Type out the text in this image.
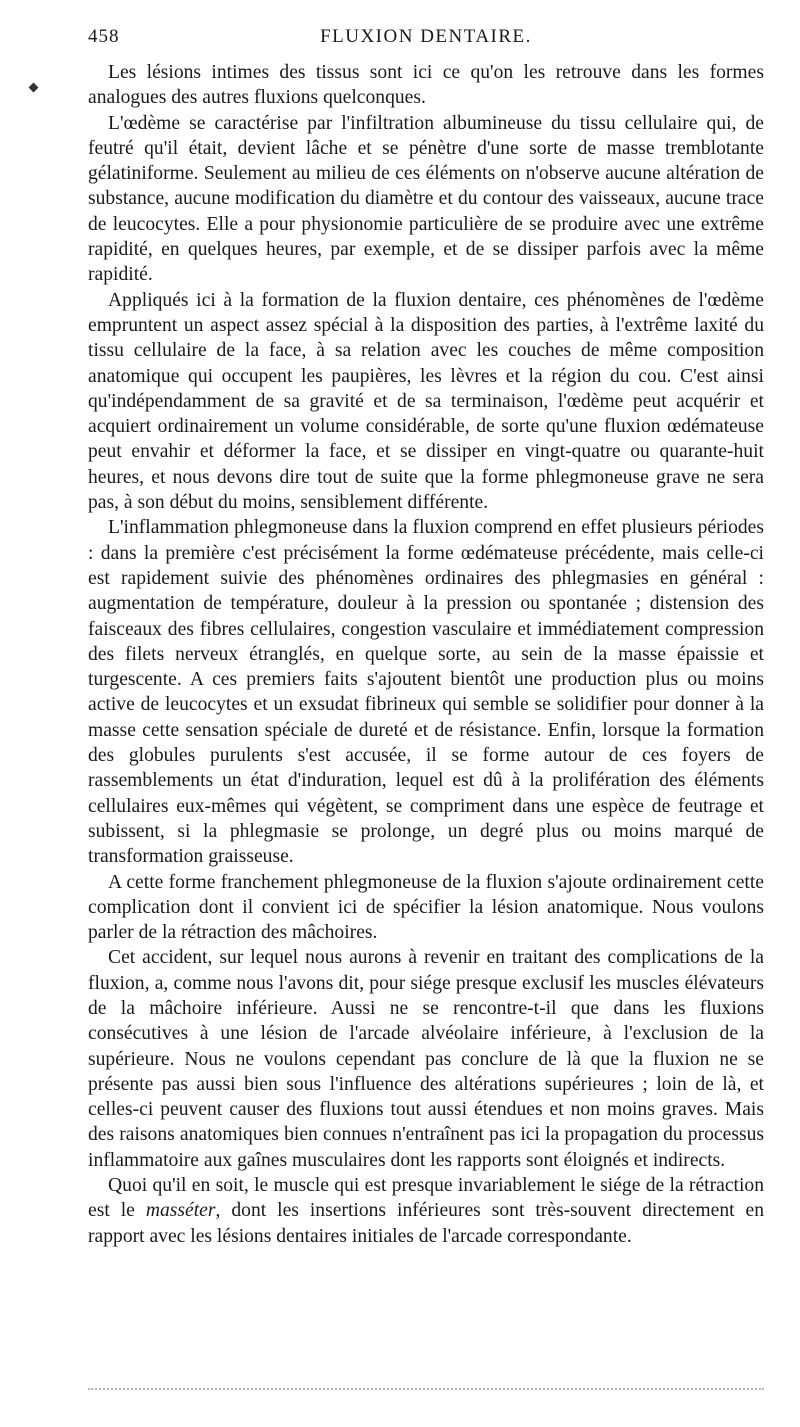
458	FLUXION DENTAIRE.

Les lésions intimes des tissus sont ici ce qu'on les retrouve dans les formes analogues des autres fluxions quelconques.

L'œdème se caractérise par l'infiltration albumineuse du tissu cellulaire qui, de feutré qu'il était, devient lâche et se pénètre d'une sorte de masse tremblotante gélatiniforme. Seulement au milieu de ces éléments on n'observe aucune altération de substance, aucune modification du diamètre et du contour des vaisseaux, aucune trace de leucocytes. Elle a pour physionomie particulière de se produire avec une extrême rapidité, en quelques heures, par exemple, et de se dissiper parfois avec la même rapidité.

Appliqués ici à la formation de la fluxion dentaire, ces phénomènes de l'œdème empruntent un aspect assez spécial à la disposition des parties, à l'extrême laxité du tissu cellulaire de la face, à sa relation avec les couches de même composition anatomique qui occupent les paupières, les lèvres et la région du cou. C'est ainsi qu'indépendamment de sa gravité et de sa terminaison, l'œdème peut acquérir et acquiert ordinairement un volume considérable, de sorte qu'une fluxion œdémateuse peut envahir et déformer la face, et se dissiper en vingt-quatre ou quarante-huit heures, et nous devons dire tout de suite que la forme phlegmoneuse grave ne sera pas, à son début du moins, sensiblement différente.

L'inflammation phlegmoneuse dans la fluxion comprend en effet plusieurs périodes : dans la première c'est précisément la forme œdémateuse précédente, mais celle-ci est rapidement suivie des phénomènes ordinaires des phlegmasies en général : augmentation de température, douleur à la pression ou spontanée ; distension des faisceaux des fibres cellulaires, congestion vasculaire et immédiatement compression des filets nerveux étranglés, en quelque sorte, au sein de la masse épaissie et turgescente. A ces premiers faits s'ajoutent bientôt une production plus ou moins active de leucocytes et un exsudat fibrineux qui semble se solidifier pour donner à la masse cette sensation spéciale de dureté et de résistance. Enfin, lorsque la formation des globules purulents s'est accusée, il se forme autour de ces foyers de rassemblements un état d'induration, lequel est dû à la prolifération des éléments cellulaires eux-mêmes qui végètent, se compriment dans une espèce de feutrage et subissent, si la phlegmasie se prolonge, un degré plus ou moins marqué de transformation graisseuse.

A cette forme franchement phlegmoneuse de la fluxion s'ajoute ordinairement cette complication dont il convient ici de spécifier la lésion anatomique. Nous voulons parler de la rétraction des mâchoires.

Cet accident, sur lequel nous aurons à revenir en traitant des complications de la fluxion, a, comme nous l'avons dit, pour siége presque exclusif les muscles élévateurs de la mâchoire inférieure. Aussi ne se rencontre-t-il que dans les fluxions consécutives à une lésion de l'arcade alvéolaire inférieure, à l'exclusion de la supérieure. Nous ne voulons cependant pas conclure de là que la fluxion ne se présente pas aussi bien sous l'influence des altérations supérieures ; loin de là, et celles-ci peuvent causer des fluxions tout aussi étendues et non moins graves. Mais des raisons anatomiques bien connues n'entraînent pas ici la propagation du processus inflammatoire aux gaînes musculaires dont les rapports sont éloignés et indirects.

Quoi qu'il en soit, le muscle qui est presque invariablement le siége de la rétraction est le masséter, dont les insertions inférieures sont très-souvent directement en rapport avec les lésions dentaires initiales de l'arcade correspondante.
